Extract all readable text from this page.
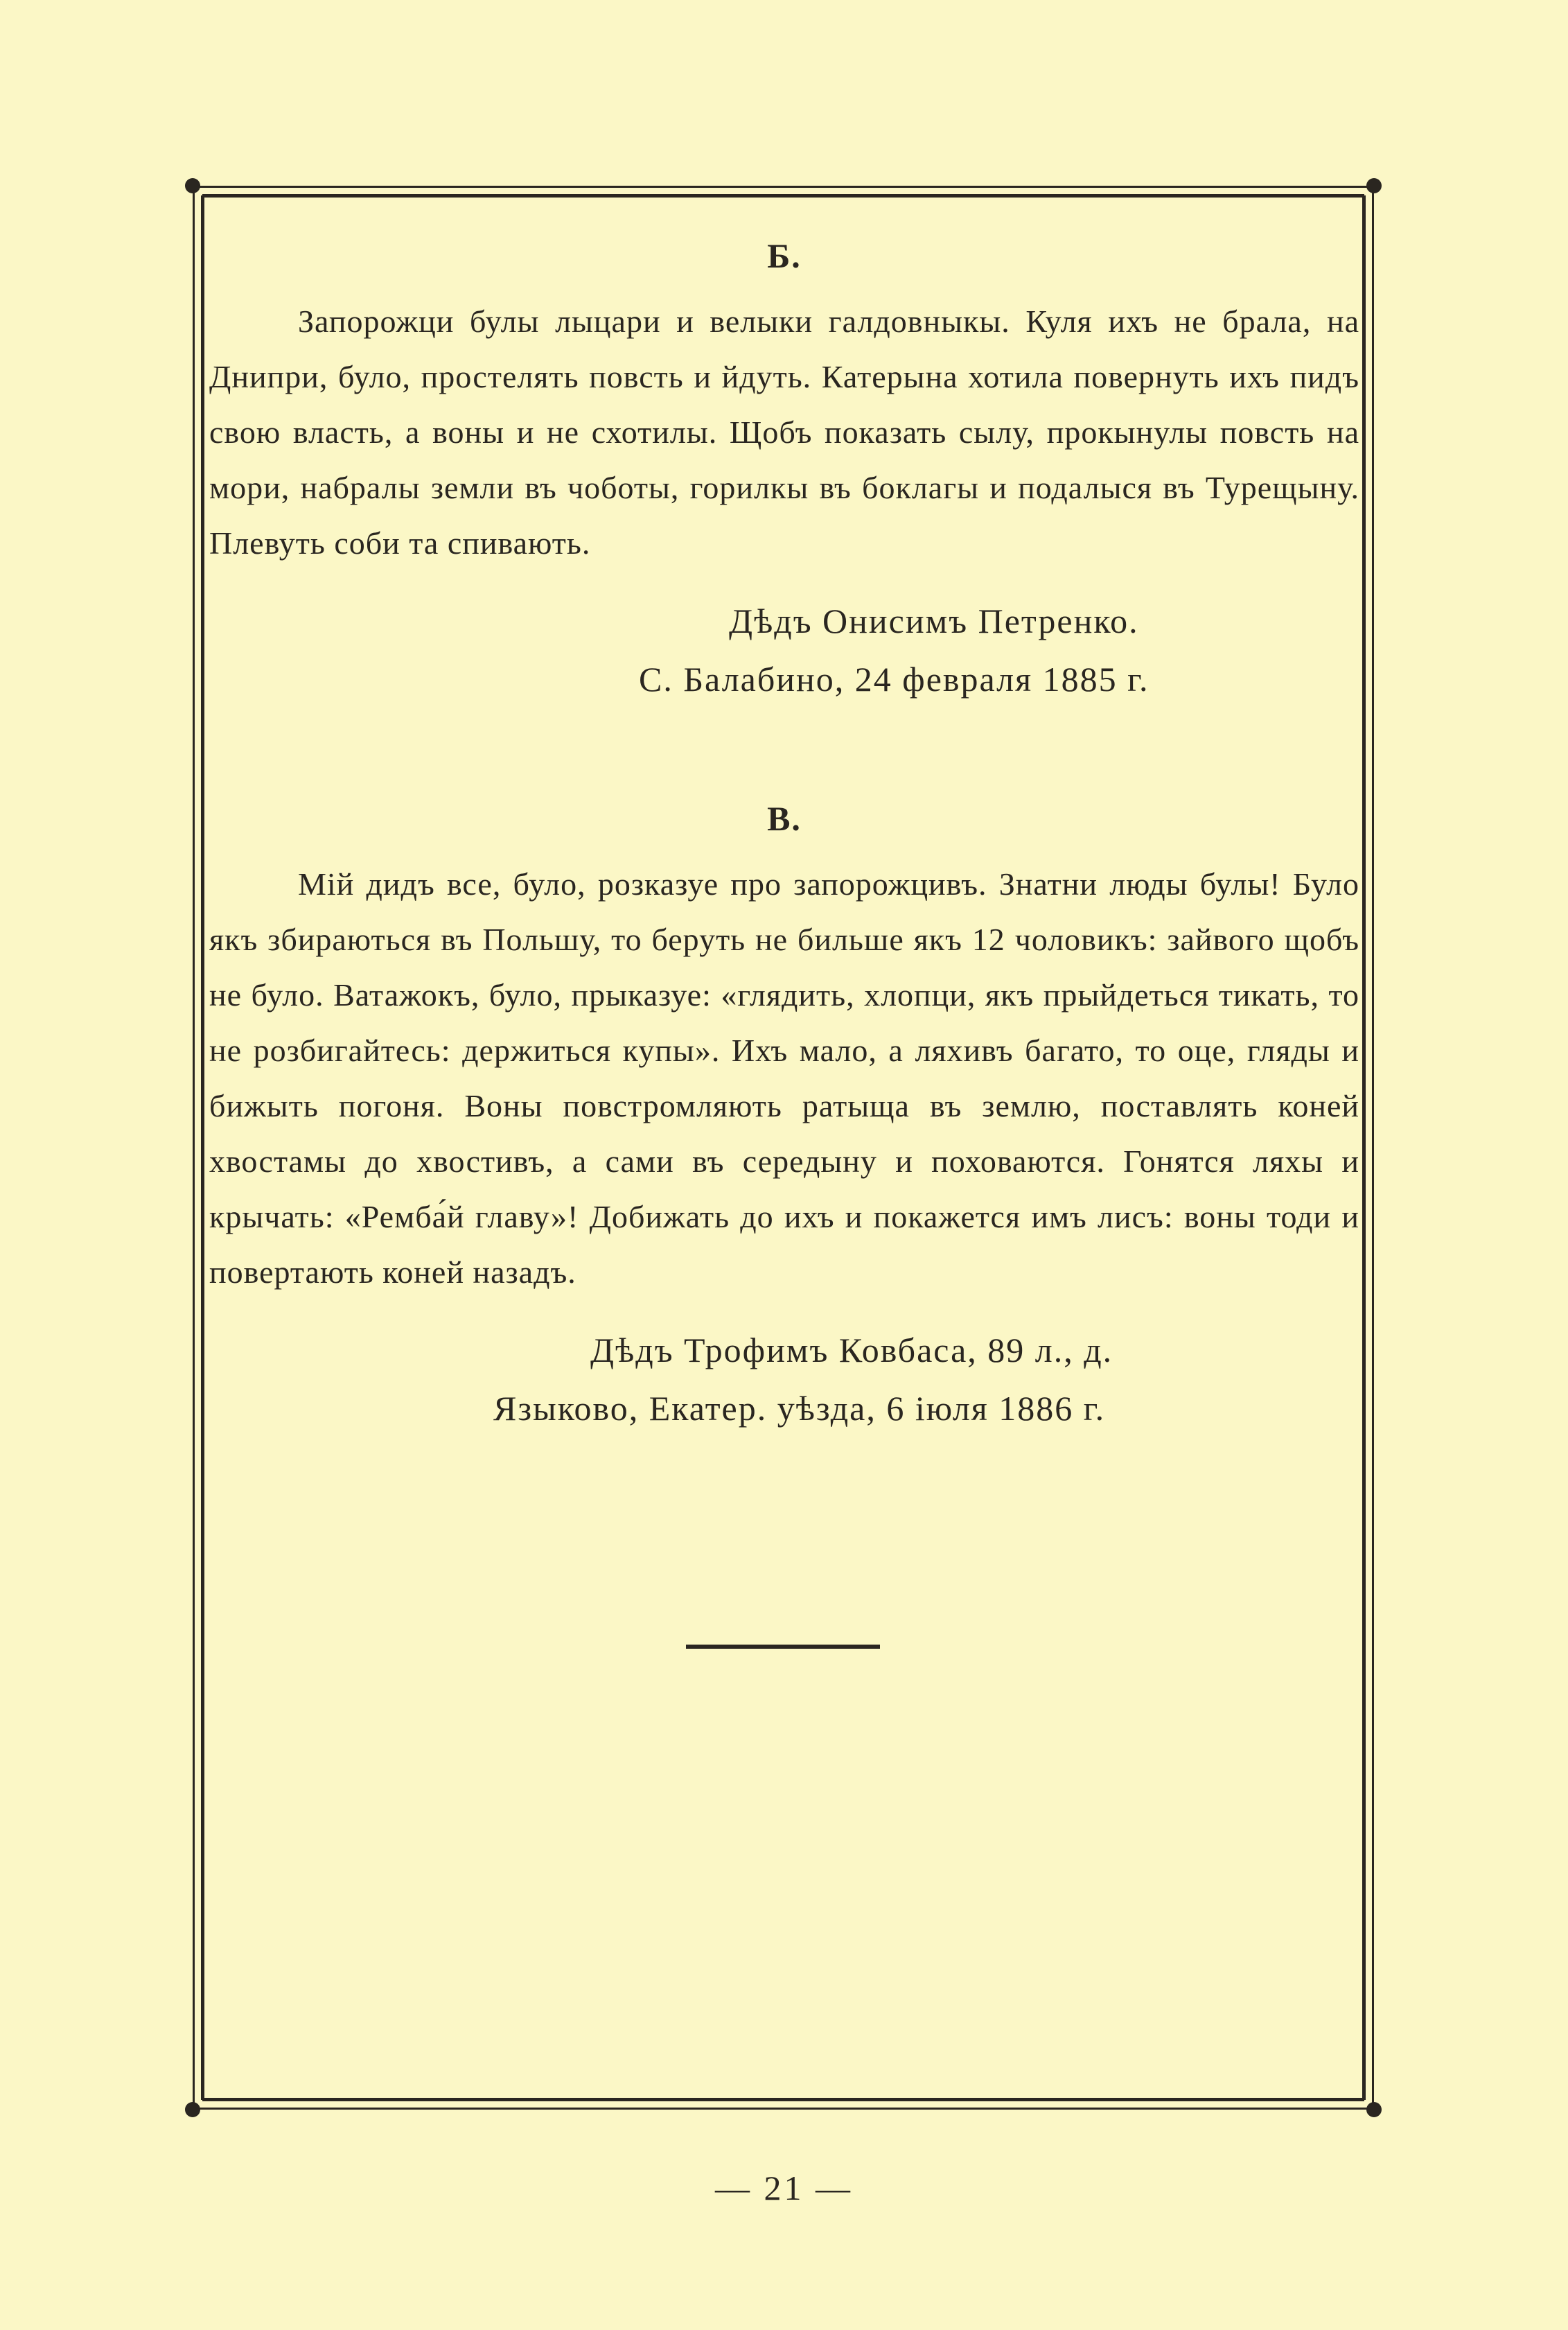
Б.

Запорожци булы лыцари и велыки галдовныкы. Куля ихъ не брала, на Днипри, було, простелять повсть и йдуть. Катерына хотила повернуть ихъ пидъ свою власть, а воны и не схотилы. Щобъ показать сылу, прокынулы повсть на мори, набралы земли въ чоботы, горилкы въ боклагы и подалыся въ Турещыну. Плевуть соби та спивають.

Дѣдъ Онисимъ Петренко.

С. Балабино, 24 февраля 1885 г.

В.

Мій дидъ все, було, розказуе про запорожцивъ. Знатни люды булы! Було якъ збираються въ Польшу, то беруть не бильше якъ 12 чоловикъ: зайвого щобъ не було. Ватажокъ, було, прыказуе: «глядить, хлопци, якъ прыйдеться тикать, то не розбигайтесь: держиться купы». Ихъ мало, а ляхивъ багато, то оце, гляды и бижыть погоня. Воны повстромляють ратыща въ землю, поставлять коней хвостамы до хвостивъ, а сами въ середыну и поховаются. Гонятся ляхы и крычать: «Ремба́й главу»! Добижать до ихъ и покажется имъ лисъ: воны тоди и повертають коней назадъ.

Дѣдъ Трофимъ Ковбаса, 89 л., д.

Языково, Екатер. уѣзда, 6 іюля 1886 г.

— 21 —
